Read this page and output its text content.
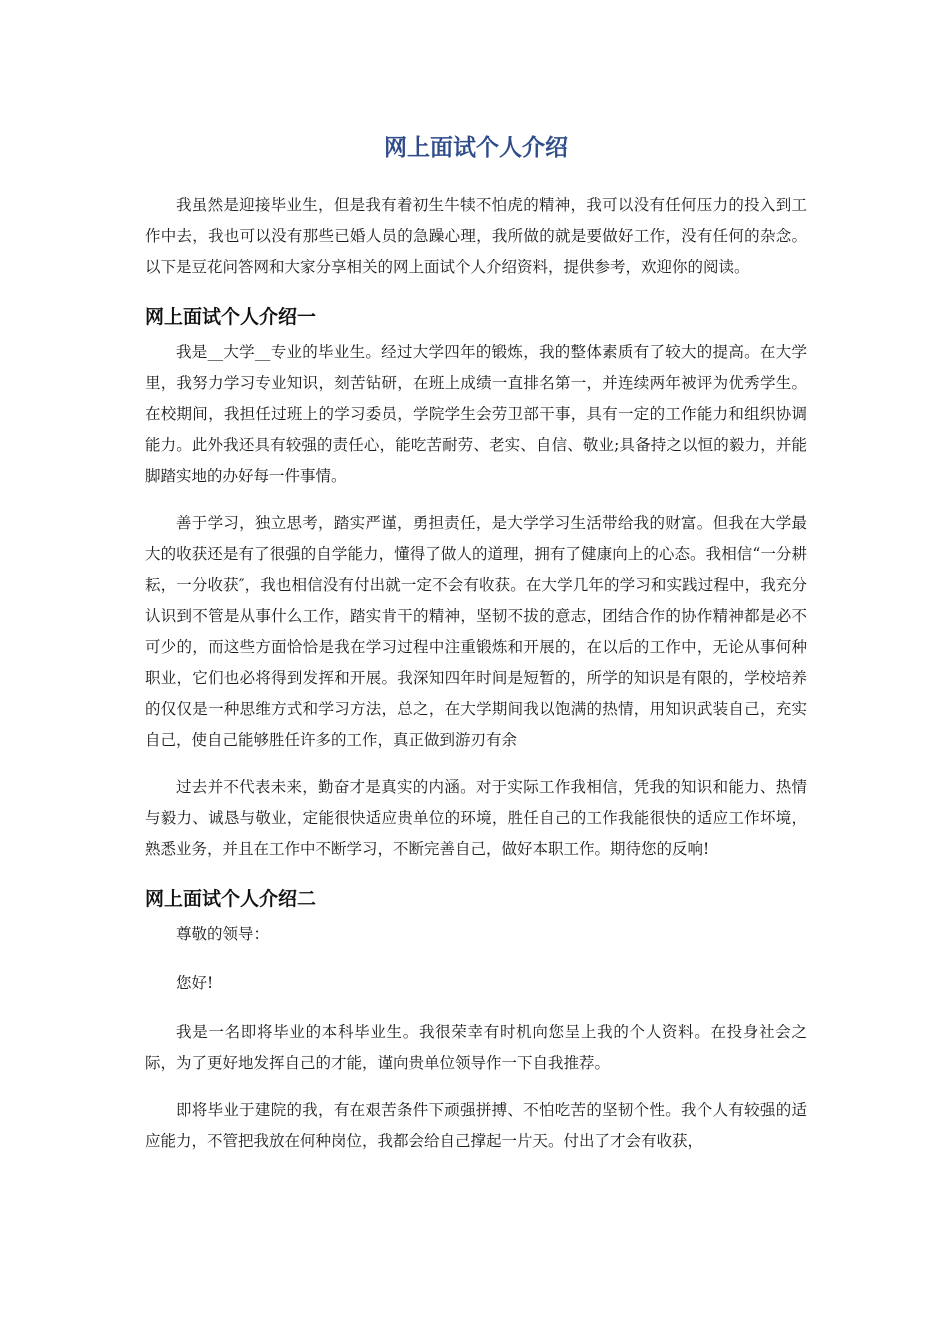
网上面试个人介绍

我虽然是迎接毕业生，但是我有着初生牛犊不怕虎的精神，我可以没有任何压力的投入到工作中去，我也可以没有那些已婚人员的急躁心理，我所做的就是要做好工作，没有任何的杂念。以下是豆花问答网和大家分享相关的网上面试个人介绍资料，提供参考，欢迎你的阅读。

网上面试个人介绍一

我是__大学__专业的毕业生。经过大学四年的锻炼，我的整体素质有了较大的提高。在大学里，我努力学习专业知识，刻苦钻研，在班上成绩一直排名第一，并连续两年被评为优秀学生。在校期间，我担任过班上的学习委员，学院学生会劳卫部干事，具有一定的工作能力和组织协调能力。此外我还具有较强的责任心，能吃苦耐劳、老实、自信、敬业;具备持之以恒的毅力，并能脚踏实地的办好每一件事情。

善于学习，独立思考，踏实严谨，勇担责任，是大学学习生活带给我的财富。但我在大学最大的收获还是有了很强的自学能力，懂得了做人的道理，拥有了健康向上的心态。我相信“一分耕耘，一分收获″，我也相信没有付出就一定不会有收获。在大学几年的学习和实践过程中，我充分认识到不管是从事什么工作，踏实肯干的精神，坚韧不拔的意志，团结合作的协作精神都是必不可少的，而这些方面恰恰是我在学习过程中注重锻炼和开展的，在以后的工作中，无论从事何种职业，它们也必将得到发挥和开展。我深知四年时间是短暂的，所学的知识是有限的，学校培养的仅仅是一种思维方式和学习方法，总之，在大学期间我以饱满的热情，用知识武装自己，充实自己，使自己能够胜任许多的工作，真正做到游刃有余

过去并不代表未来，勤奋才是真实的内涵。对于实际工作我相信，凭我的知识和能力、热情与毅力、诚恳与敬业，定能很快适应贵单位的环境，胜任自己的工作我能很快的适应工作坏境，熟悉业务，并且在工作中不断学习，不断完善自己，做好本职工作。期待您的反响!

网上面试个人介绍二

尊敬的领导：

您好!

我是一名即将毕业的本科毕业生。我很荣幸有时机向您呈上我的个人资料。在投身社会之际，为了更好地发挥自己的才能，谨向贵单位领导作一下自我推荐。

即将毕业于建院的我，有在艰苦条件下顽强拼搏、不怕吃苦的坚韧个性。我个人有较强的适应能力，不管把我放在何种岗位，我都会给自己撑起一片天。付出了才会有收获，
